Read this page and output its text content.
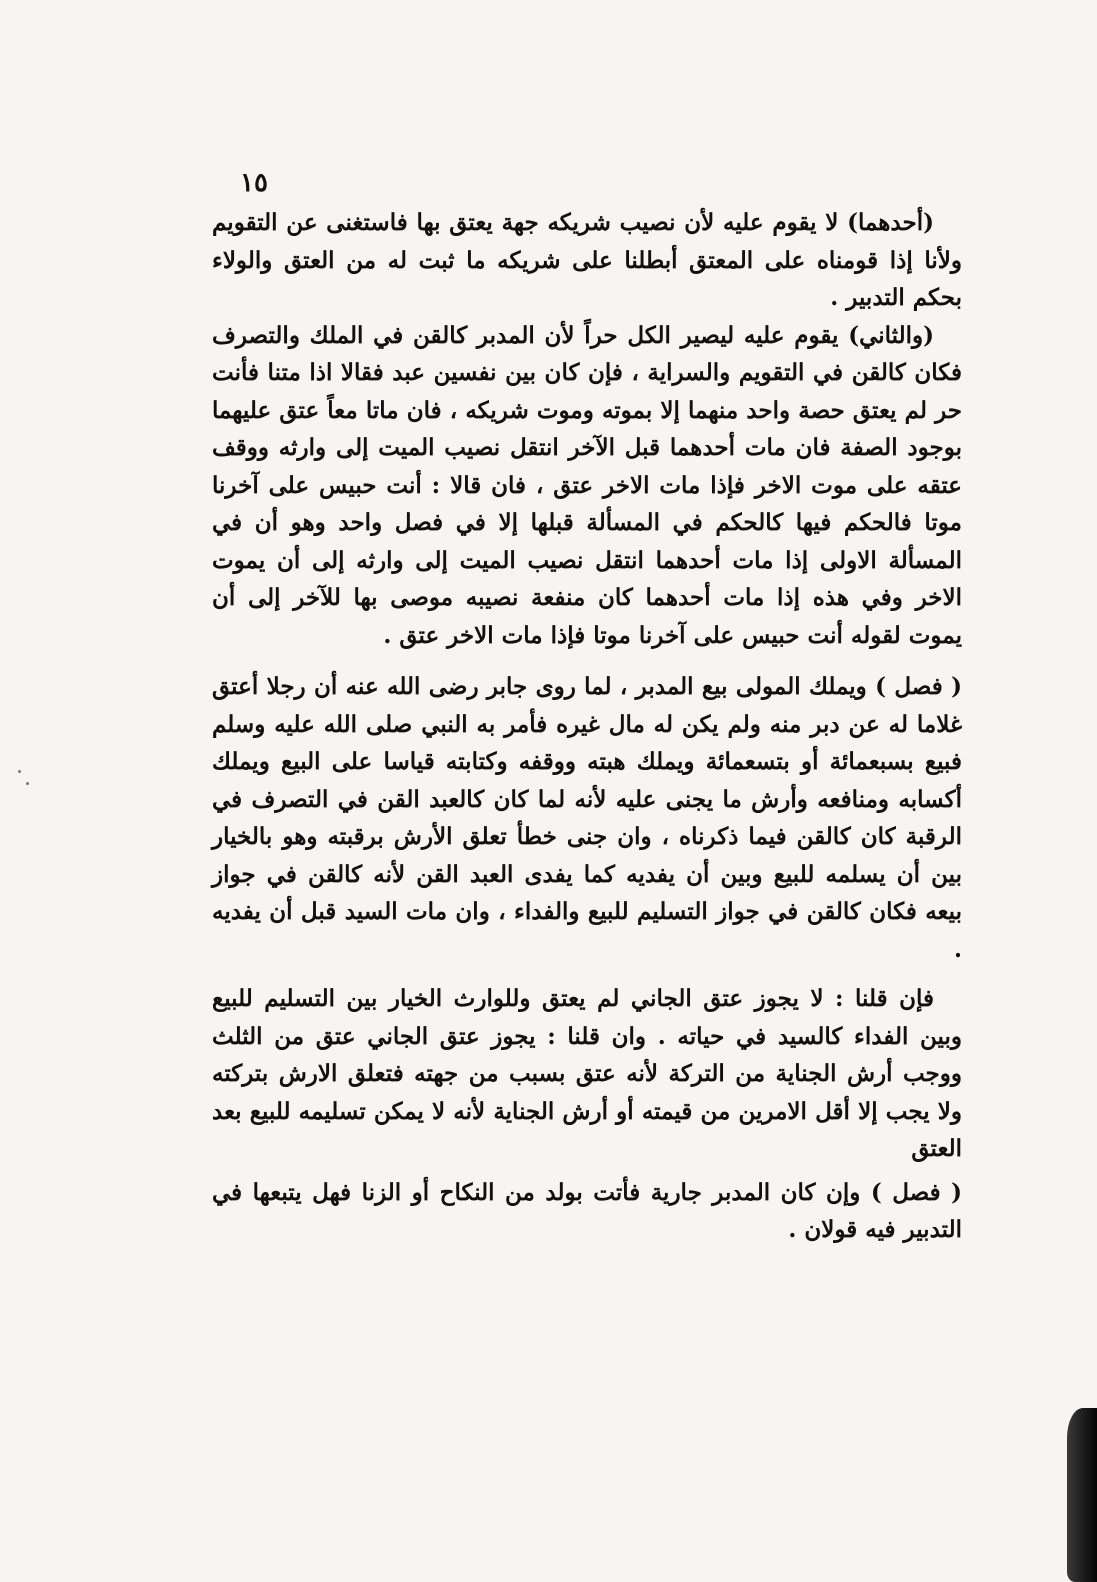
١٥

(أحدهما) لا يقوم عليه لأن نصيب شريكه جهة يعتق بها فاستغنى عن التقويم ولأنا إذا قومناه على المعتق أبطلنا على شريكه ما ثبت له من العتق والولاء بحكم التدبير .

(والثاني) يقوم عليه ليصير الكل حراً لأن المدبر كالقن في الملك والتصرف فكان كالقن في التقويم والسراية ، فإن كان بين نفسين عبد فقالا اذا متنا فأنت حر لم يعتق حصة واحد منهما إلا بموته وموت شريكه ، فان ماتا معاً عتق عليهما بوجود الصفة فان مات أحدهما قبل الآخر انتقل نصيب الميت إلى وارثه ووقف عتقه على موت الاخر فإذا مات الاخر عتق ، فان قالا : أنت حبيس على آخرنا موتا فالحكم فيها كالحكم في المسألة قبلها إلا في فصل واحد وهو أن في المسألة الاولى إذا مات أحدهما انتقل نصيب الميت إلى وارثه إلى أن يموت الاخر وفي هذه إذا مات أحدهما كان منفعة نصيبه موصى بها للآخر إلى أن يموت لقوله أنت حبيس على آخرنا موتا فإذا مات الاخر عتق .

( فصل ) ويملك المولى بيع المدبر ، لما روى جابر رضى الله عنه أن رجلا أعتق غلاما له عن دبر منه ولم يكن له مال غيره فأمر به النبي صلى الله عليه وسلم فبيع بسبعمائة أو بتسعمائة ويملك هبته ووقفه وكتابته قياسا على البيع ويملك أكسابه ومنافعه وأرش ما يجنى عليه لأنه لما كان كالعبد القن في التصرف في الرقبة كان كالقن فيما ذكرناه ، وان جنى خطأ تعلق الأرش برقبته وهو بالخيار بين أن يسلمه للبيع وبين أن يفديه كما يفدى العبد القن لأنه كالقن في جواز بيعه فكان كالقن في جواز التسليم للبيع والفداء ، وان مات السيد قبل أن يفديه .

فإن قلنا : لا يجوز عتق الجاني لم يعتق وللوارث الخيار بين التسليم للبيع وبين الفداء كالسيد في حياته . وان قلنا : يجوز عتق الجاني عتق من الثلث ووجب أرش الجناية من التركة لأنه عتق بسبب من جهته فتعلق الارش بتركته ولا يجب إلا أقل الامرين من قيمته أو أرش الجناية لأنه لا يمكن تسليمه للبيع بعد العتق

( فصل ) وإن كان المدبر جارية فأتت بولد من النكاح أو الزنا فهل يتبعها في التدبير فيه قولان .
